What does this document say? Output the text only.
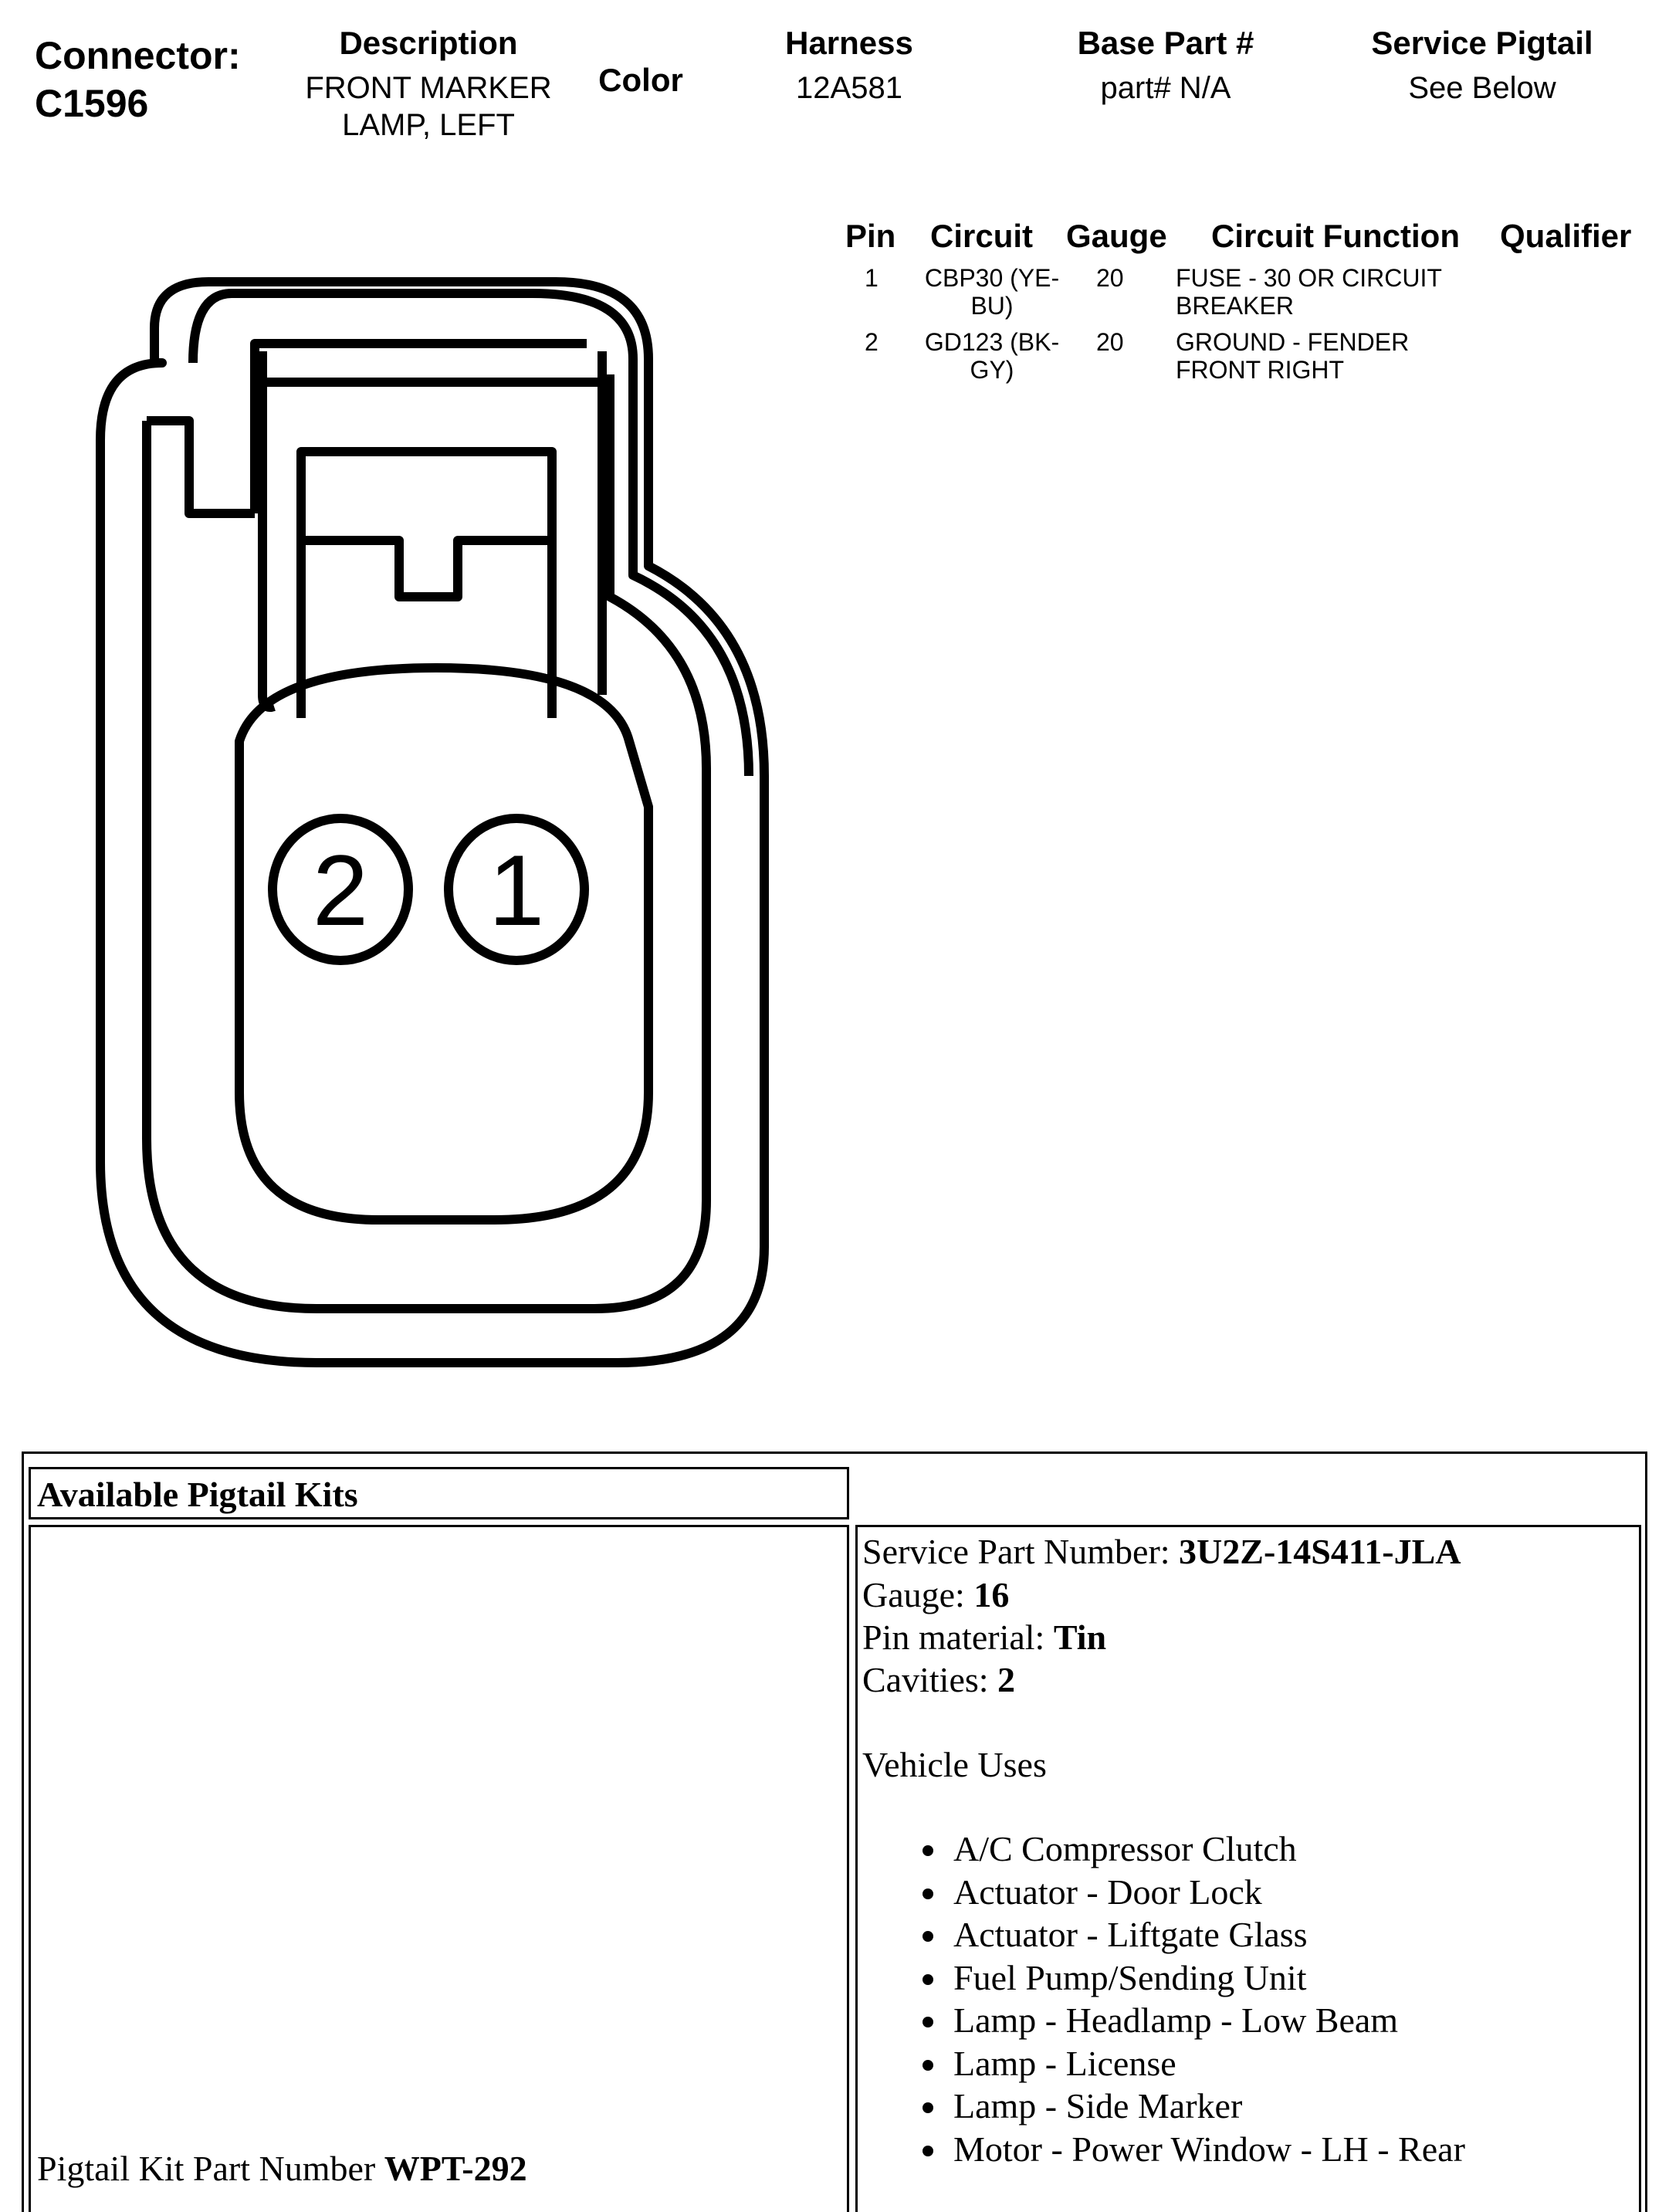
Connector:
C1596
Description
FRONT MARKER
LAMP, LEFT
Color
Harness
12A581
Base Part #
part# N/A
Service Pigtail
See Below
Pin Circuit Gauge Circuit Function Qualifier
1	CBP30 (YE-
BU)
20 FUSE - 30 OR CIRCUIT
BREAKER
2	GD123 (BK-
GY)
20 GROUND - FENDER
FRONT RIGHT
2 1
Available Pigtail Kits
Pigtail Kit Part Number WPT-292
Service Part Number: 3U2Z-14S411-JLA
Gauge: 16
Pin material: Tin
Cavities: 2
Vehicle Uses
• A/C Compressor Clutch
• Actuator - Door Lock
• Actuator - Liftgate Glass
• Fuel Pump/Sending Unit
• Lamp - Headlamp - Low Beam
• Lamp - License
• Lamp - Side Marker
• Motor - Power Window - LH - Rear
